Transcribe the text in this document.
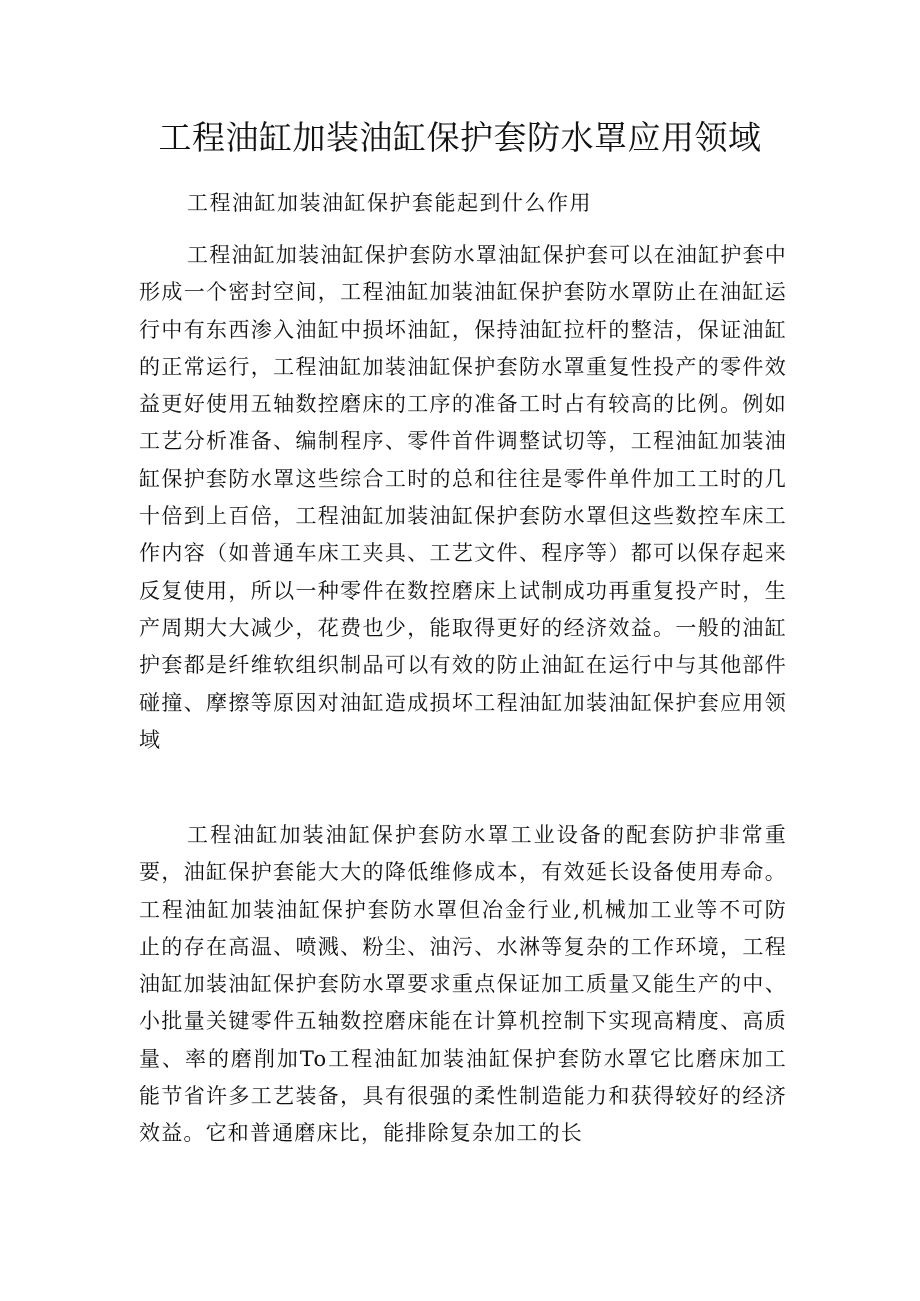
工程油缸加装油缸保护套防水罩应用领域

工程油缸加装油缸保护套能起到什么作用

工程油缸加装油缸保护套防水罩油缸保护套可以在油缸护套中形成一个密封空间，工程油缸加装油缸保护套防水罩防止在油缸运行中有东西渗入油缸中损坏油缸，保持油缸拉杆的整洁，保证油缸的正常运行，工程油缸加装油缸保护套防水罩重复性投产的零件效益更好使用五轴数控磨床的工序的准备工时占有较高的比例。例如工艺分析准备、编制程序、零件首件调整试切等，工程油缸加装油缸保护套防水罩这些综合工时的总和往往是零件单件加工工时的几十倍到上百倍，工程油缸加装油缸保护套防水罩但这些数控车床工作内容（如普通车床工夹具、工艺文件、程序等）都可以保存起来反复使用，所以一种零件在数控磨床上试制成功再重复投产时，生产周期大大减少，花费也少，能取得更好的经济效益。一般的油缸护套都是纤维软组织制品可以有效的防止油缸在运行中与其他部件碰撞、摩擦等原因对油缸造成损坏工程油缸加装油缸保护套应用领域

工程油缸加装油缸保护套防水罩工业设备的配套防护非常重要，油缸保护套能大大的降低维修成本，有效延长设备使用寿命。工程油缸加装油缸保护套防水罩但冶金行业,机械加工业等不可防止的存在高温、喷溅、粉尘、油污、水淋等复杂的工作环境，工程油缸加装油缸保护套防水罩要求重点保证加工质量又能生产的中、小批量关键零件五轴数控磨床能在计算机控制下实现高精度、高质量、率的磨削加To工程油缸加装油缸保护套防水罩它比磨床加工能节省许多工艺装备，具有很强的柔性制造能力和获得较好的经济效益。它和普通磨床比，能排除复杂加工的长
